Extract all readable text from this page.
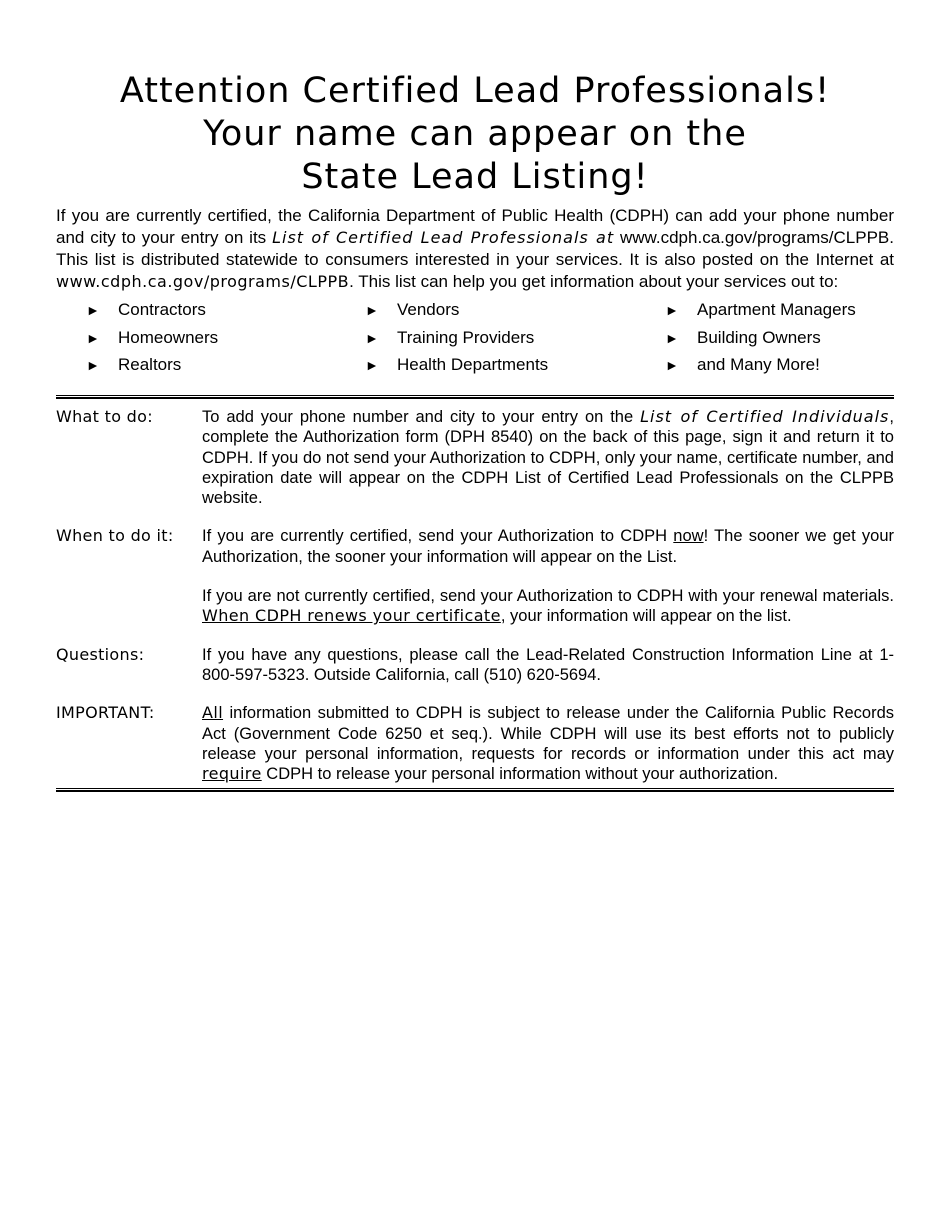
Attention Certified Lead Professionals!
Your name can appear on the
State Lead Listing!
If you are currently certified, the California Department of Public Health (CDPH) can add your phone number and city to your entry on its List of Certified Lead Professionals at www.cdph.ca.gov/programs/CLPPB. This list is distributed statewide to consumers interested in your services. It is also posted on the Internet at www.cdph.ca.gov/programs/CLPPB. This list can help you get information about your services out to:
► Contractors
► Homeowners
► Realtors
► Vendors
► Training Providers
► Health Departments
► Apartment Managers
► Building Owners
► and Many More!
What to do:	To add your phone number and city to your entry on the List of Certified Individuals, complete the Authorization form (DPH 8540) on the back of this page, sign it and return it to CDPH. If you do not send your Authorization to CDPH, only your name, certificate number, and expiration date will appear on the CDPH List of Certified Lead Professionals on the CLPPB website.
When to do it:	If you are currently certified, send your Authorization to CDPH now! The sooner we get your Authorization, the sooner your information will appear on the List.

If you are not currently certified, send your Authorization to CDPH with your renewal materials. When CDPH renews your certificate, your information will appear on the list.

Questions:	If you have any questions, please call the Lead-Related Construction Information Line at 1-800-597-5323. Outside California, call (510) 620-5694.
IMPORTANT:	All information submitted to CDPH is subject to release under the California Public Records Act (Government Code 6250 et seq.). While CDPH will use its best efforts not to publicly release your personal information, requests for records or information under this act may require CDPH to release your personal information without your authorization.
